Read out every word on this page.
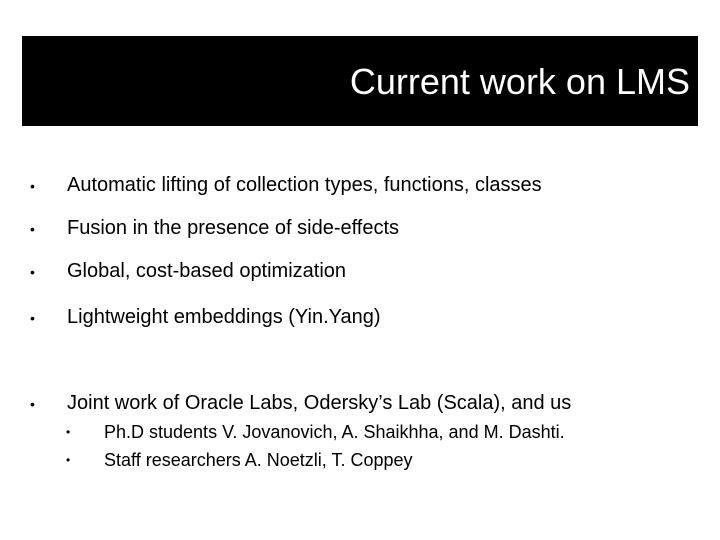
Current work on LMS
• Automatic lifting of collection types, functions, classes
• Fusion in the presence of side-effects
• Global, cost-based optimization
• Lightweight embeddings (Yin.Yang)
• Joint work of Oracle Labs, Odersky’s Lab (Scala), and us
• Ph.D students V. Jovanovich, A. Shaikhha, and M. Dashti.
• Staff researchers A. Noetzli, T. Coppey
